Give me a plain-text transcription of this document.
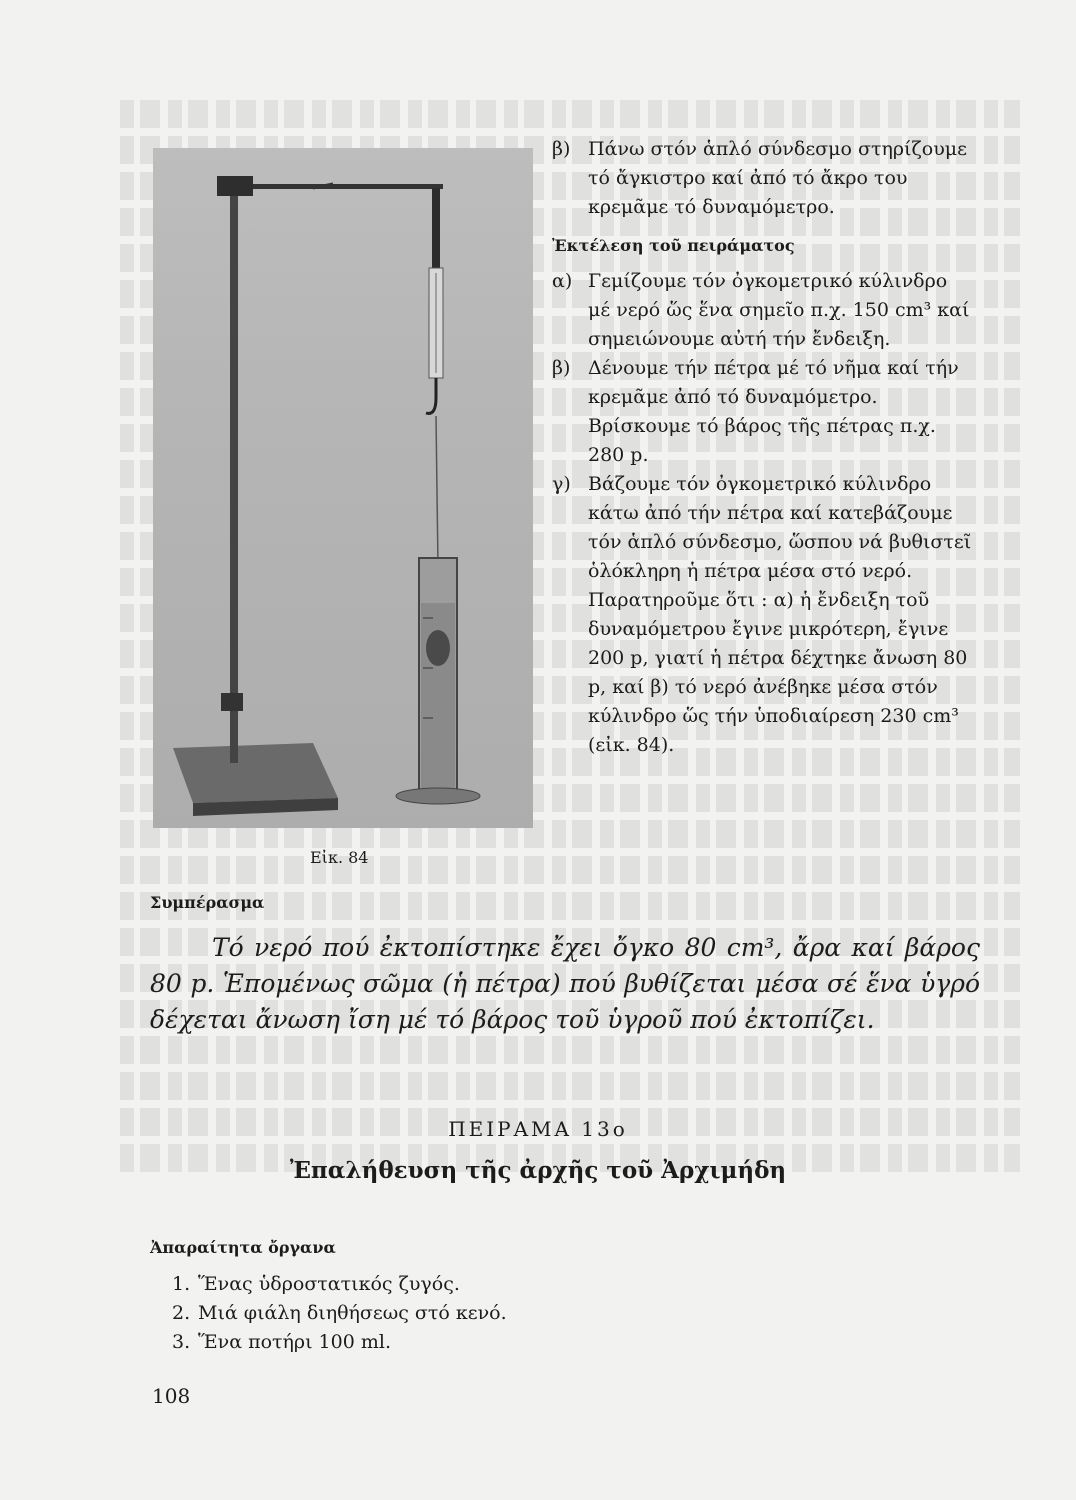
Εἰκ. 84
β) Πάνω στόν ἁπλό σύνδεσμο στηρίζουμε τό ἄγκιστρο καί ἀπό τό ἄκρο του κρεμᾶμε τό δυναμόμετρο.
Ἐκτέλεση τοῦ πειράματος
α) Γεμίζουμε τόν ὀγκομετρικό κύλινδρο μέ νερό ὥς ἕνα σημεῖο π.χ. 150 cm³ καί σημειώνουμε αὐτή τήν ἔνδειξη.
β) Δένουμε τήν πέτρα μέ τό νῆμα καί τήν κρεμᾶμε ἀπό τό δυναμόμετρο. Βρίσκουμε τό βάρος τῆς πέτρας π.χ. 280 p.
γ) Βάζουμε τόν ὀγκομετρικό κύλινδρο κάτω ἀπό τήν πέτρα καί κατεβάζουμε τόν ἁπλό σύνδεσμο, ὥσπου νά βυθιστεῖ ὁλόκληρη ἡ πέτρα μέσα στό νερό. Παρατηροῦμε ὅτι : α) ἡ ἔνδειξη τοῦ δυναμόμετρου ἔγινε μικρότερη, ἔγινε 200 p, γιατί ἡ πέτρα δέχτηκε ἄνωση 80 p, καί β) τό νερό ἀνέβηκε μέσα στόν κύλινδρο ὥς τήν ὑποδιαίρεση 230 cm³ (εἰκ. 84).
Συμπέρασμα

Τό νερό πού ἐκτοπίστηκε ἔχει ὄγκο 80 cm³, ἄρα καί βάρος 80 p. Ἑπομένως σῶμα (ἡ πέτρα) πού βυθίζεται μέσα σέ ἕνα ὑγρό δέχεται ἄνωση ἴση μέ τό βάρος τοῦ ὑγροῦ πού ἐκτοπίζει.

ΠΕΙΡΑΜΑ 13ο
Ἐπαλήθευση τῆς ἀρχῆς τοῦ Ἀρχιμήδη
Ἀπαραίτητα ὄργανα
1. Ἕνας ὑδροστατικός ζυγός.
2. Μιά φιάλη διηθήσεως στό κενό.
3. Ἕνα ποτήρι 100 ml.
108
